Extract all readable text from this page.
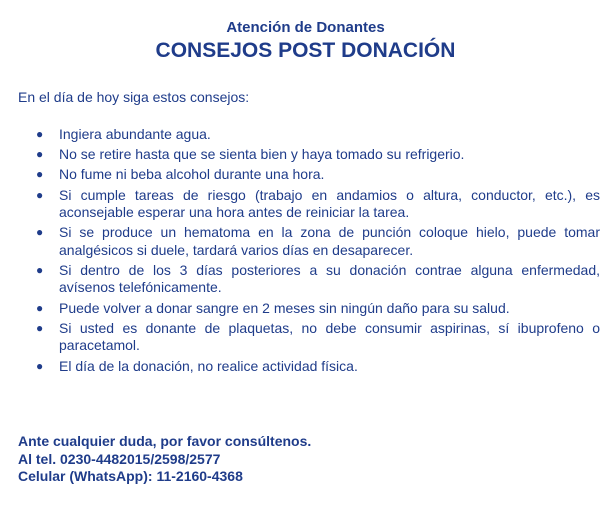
Atención de Donantes
CONSEJOS POST DONACIÓN
En el día de hoy siga estos consejos:
● Ingiera abundante agua.
● No se retire hasta que se sienta bien y haya tomado su refrigerio.
● No fume ni beba alcohol durante una hora.
● Si cumple tareas de riesgo (trabajo en andamios o altura, conductor, etc.), es aconsejable esperar una hora antes de reiniciar la tarea.
● Si se produce un hematoma en la zona de punción coloque hielo, puede tomar analgésicos si duele, tardará varios días en desaparecer.
● Si dentro de los 3 días posteriores a su donación contrae alguna enfermedad, avísenos telefónicamente.
● Puede volver a donar sangre en 2 meses sin ningún daño para su salud.
● Si usted es donante de plaquetas, no debe consumir aspirinas, sí ibuprofeno o paracetamol.
● El día de la donación, no realice actividad física.
Ante cualquier duda, por favor consúltenos.
Al tel. 0230-4482015/2598/2577
Celular (WhatsApp): 11-2160-4368
